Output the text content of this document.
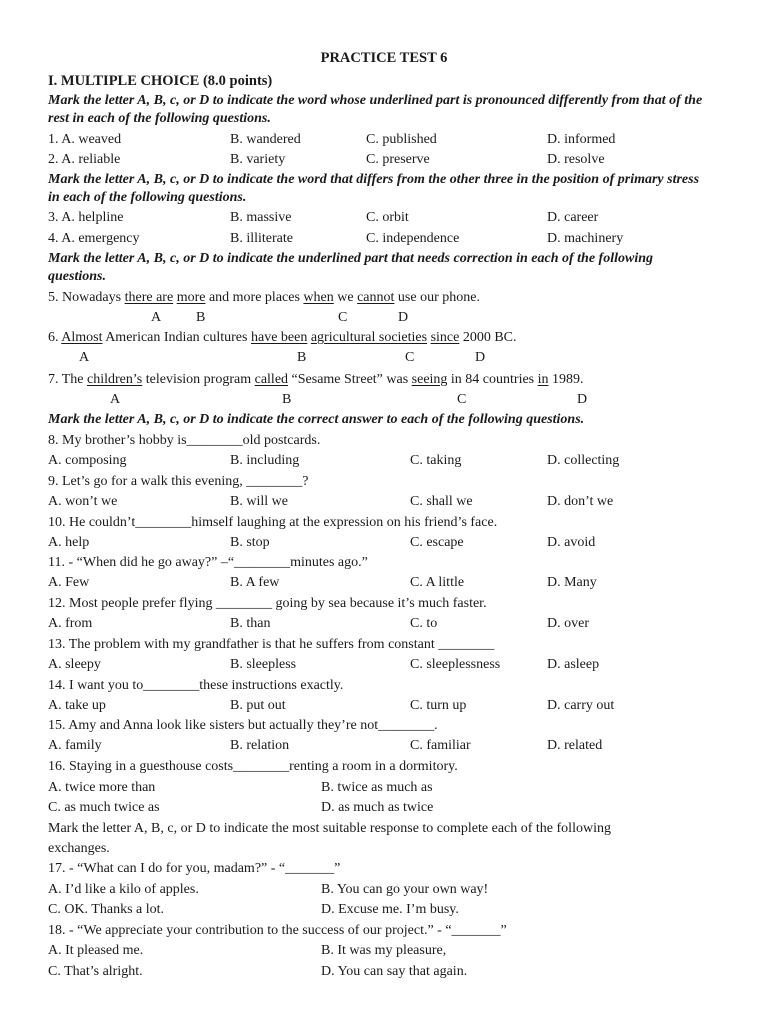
PRACTICE TEST 6
I. MULTIPLE CHOICE (8.0 points)
Mark the letter A, B, c, or D to indicate the word whose underlined part is pronounced differently from that of the rest in each of the following questions.
1. A. weaved	B. wandered	C. published	D. informed
2. A. reliable	B. variety	C. preserve	D. resolve
Mark the letter A, B, c, or D to indicate the word that differs from the other three in the position of primary stress in each of the following questions.
3. A. helpline	B. massive	C. orbit	D. career
4. A. emergency	B. illiterate	C. independence	D. machinery
Mark the letter A, B, c, or D to indicate the underlined part that needs correction in each of the following questions.
5. Nowadays there are more and more places when we cannot use our phone.
A B	C	D
6. Almost American Indian cultures have been agricultural societies since 2000 BC.
A	B	C	D
7. The children’s television program called “Sesame Street” was seeing in 84 countries in 1989.
A	B	C	D
Mark the letter A, B, c, or D to indicate the correct answer to each of the following questions.
8. My brother’s hobby is________old postcards.
A. composing	B. including	C. taking	D. collecting
9. Let’s go for a walk this evening, ________?
A. won’t we	B. will we	C. shall we	D. don’t we
10. He couldn’t________himself laughing at the expression on his friend’s face.
A. help	B. stop	C. escape	D. avoid
11. - “When did he go away?” –“________minutes ago.”
A. Few	B. A few	C. A little	D. Many
12. Most people prefer flying ________ going by sea because it’s much faster.
A. from	B. than	C. to	D. over
13. The problem with my grandfather is that he suffers from constant ________
A. sleepy	B. sleepless	C. sleeplessness	D. asleep
14. I want you to________these instructions exactly.
A. take up	B. put out	C. turn up	D. carry out
15. Amy and Anna look like sisters but actually they’re not________.
A. family	B. relation	C. familiar	D. related
16. Staying in a guesthouse costs________renting a room in a dormitory.
A. twice more than	B. twice as much as
C. as much twice as	D. as much as twice
Mark the letter A, B, c, or D to indicate the most suitable response to complete each of the following exchanges.
17. - “What can I do for you, madam?” - “_______”
A. I’d like a kilo of apples.	B. You can go your own way!
C. OK. Thanks a lot.	D. Excuse me. I’m busy.
18. - “We appreciate your contribution to the success of our project.” - “_______”
A. It pleased me.	B. It was my pleasure,
C. That’s alright.	D. You can say that again.
